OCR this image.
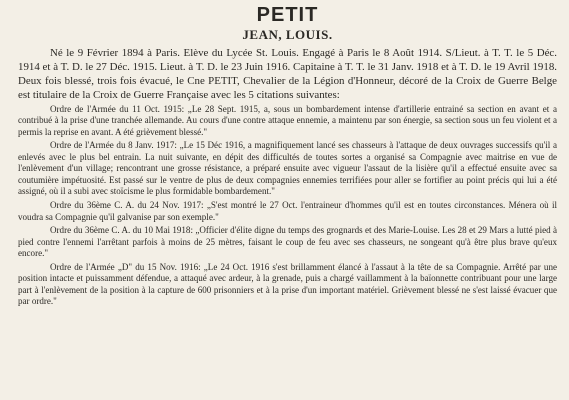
PETIT
JEAN, LOUIS.

Né le 9 Février 1894 à Paris. Elève du Lycée St. Louis. Engagé à Paris le 8 Août 1914. S/Lieut. à T. T. le 5 Déc. 1914 et à T. D. le 27 Déc. 1915. Lieut. à T. D. le 23 Juin 1916. Capitaine à T. T. le 31 Janv. 1918 et à T. D. le 19 Avril 1918. Deux fois blessé, trois fois évacué, le Cne PETIT, Chevalier de la Légion d'Honneur, décoré de la Croix de Guerre Belge est titulaire de la Croix de Guerre Française avec les 5 citations suivantes:

Ordre de l'Armée du 11 Oct. 1915: „Le 28 Sept. 1915, a, sous un bombardement intense d'artillerie entrainé sa section en avant et a contribué à la prise d'une tranchée allemande. Au cours d'une contre attaque ennemie, a maintenu par son énergie, sa section sous un feu violent et a permis la reprise en avant. A été grièvement blessé."

Ordre de l'Armée du 8 Janv. 1917: „Le 15 Déc 1916, a magnifiquement lancé ses chasseurs à l'attaque de deux ouvrages successifs qu'il a enlevés avec le plus bel entrain. La nuit suivante, en dépit des difficultés de toutes sortes a organisé sa Compagnie avec maitrise en vue de l'enlèvement d'un village; rencontrant une grosse résistance, a préparé ensuite avec vigueur l'assaut de la lisière qu'il a effectué ensuite avec sa coutumière impétuosité. Est passé sur le ventre de plus de deux compagnies ennemies terrifiées pour aller se fortifier au point précis qui lui a été assigné, où il a subi avec stoïcisme le plus formidable bombardement."

Ordre du 36ème C. A. du 24 Nov. 1917: „S'est montré le 27 Oct. l'entraineur d'hommes qu'il est en toutes circonstances. Ménera où il voudra sa Compagnie qu'il galvanise par son exemple."

Ordre du 36ème C. A. du 10 Mai 1918: „Officier d'élite digne du temps des grognards et des Marie-Louise. Les 28 et 29 Mars a lutté pied à pied contre l'ennemi l'arrêtant parfois à moins de 25 mètres, faisant le coup de feu avec ses chasseurs, ne songeant qu'à être plus brave qu'eux encore."

Ordre de l'Armée „D" du 15 Nov. 1916: „Le 24 Oct. 1916 s'est brillamment élancé à l'assaut à la tête de sa Compagnie. Arrêté par une position intacte et puissamment défendue, a attaqué avec ardeur, à la grenade, puis a chargé vaillamment à la baïonnette contribuant pour une large part à l'enlèvement de la position à la capture de 600 prisonniers et à la prise d'un important matériel. Grièvement blessé ne s'est laissé évacuer que par ordre."
